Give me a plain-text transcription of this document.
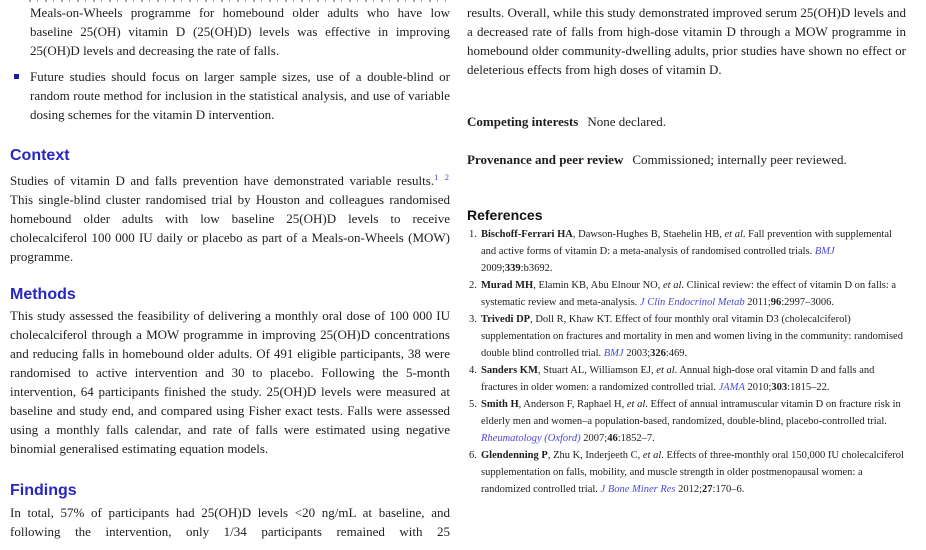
Meals-on-Wheels programme for homebound older adults who have low baseline 25(OH) vitamin D (25(OH)D) levels was effective in improving 25(OH)D levels and decreasing the rate of falls.

Future studies should focus on larger sample sizes, use of a double-blind or random route method for inclusion in the statistical analysis, and use of variable dosing schemes for the vitamin D intervention.

Context

Studies of vitamin D and falls prevention have demonstrated variable results.$^{1 2}$ This single-blind cluster randomised trial by Houston and colleagues randomised homebound older adults with low baseline 25(OH)D levels to receive cholecalciferol 100 000 IU daily or placebo as part of a Meals-on-Wheels (MOW) programme.

Methods

This study assessed the feasibility of delivering a monthly oral dose of 100 000 IU cholecalciferol through a MOW programme in improving 25(OH)D concentrations and reducing falls in homebound older adults. Of 491 eligible participants, 38 were randomised to active intervention and 30 to placebo. Following the 5-month intervention, 64 participants finished the study. 25(OH)D levels were measured at baseline and study end, and compared using Fisher exact tests. Falls were assessed using a monthly falls calendar, and rate of falls were estimated using negative binomial generalised estimating equation models.

Findings

In total, 57% of participants had 25(OH)D levels <20 ng/mL at baseline, and following the intervention, only 1/34 participants remained with 25

results. Overall, while this study demonstrated improved serum 25(OH)D levels and a decreased rate of falls from high-dose vitamin D through a MOW programme in homebound older community-dwelling adults, prior studies have shown no effect or deleterious effects from high doses of vitamin D.

Competing interests None declared.

Provenance and peer review Commissioned; internally peer reviewed.

References
1. Bischoff-Ferrari HA, Dawson-Hughes B, Staehelin HB, et al. Fall prevention with supplemental and active forms of vitamin D: a meta-analysis of randomised controlled trials. BMJ 2009;339:b3692.
2. Murad MH, Elamin KB, Abu Elnour NO, et al. Clinical review: the effect of vitamin D on falls: a systematic review and meta-analysis. J Clin Endocrinol Metab 2011;96:2997–3006.
3. Trivedi DP, Doll R, Khaw KT. Effect of four monthly oral vitamin D3 (cholecalciferol) supplementation on fractures and mortality in men and women living in the community: randomised double blind controlled trial. BMJ 2003;326:469.
4. Sanders KM, Stuart AL, Williamson EJ, et al. Annual high-dose oral vitamin D and falls and fractures in older women: a randomized controlled trial. JAMA 2010;303:1815–22.
5. Smith H, Anderson F, Raphael H, et al. Effect of annual intramuscular vitamin D on fracture risk in elderly men and women–a population-based, randomized, double-blind, placebo-controlled trial. Rheumatology (Oxford) 2007;46:1852–7.
6. Glendenning P, Zhu K, Inderjeeth C, et al. Effects of three-monthly oral 150,000 IU cholecalciferol supplementation on falls, mobility, and muscle strength in older postmenopausal women: a randomized controlled trial. J Bone Miner Res 2012;27:170–6.
